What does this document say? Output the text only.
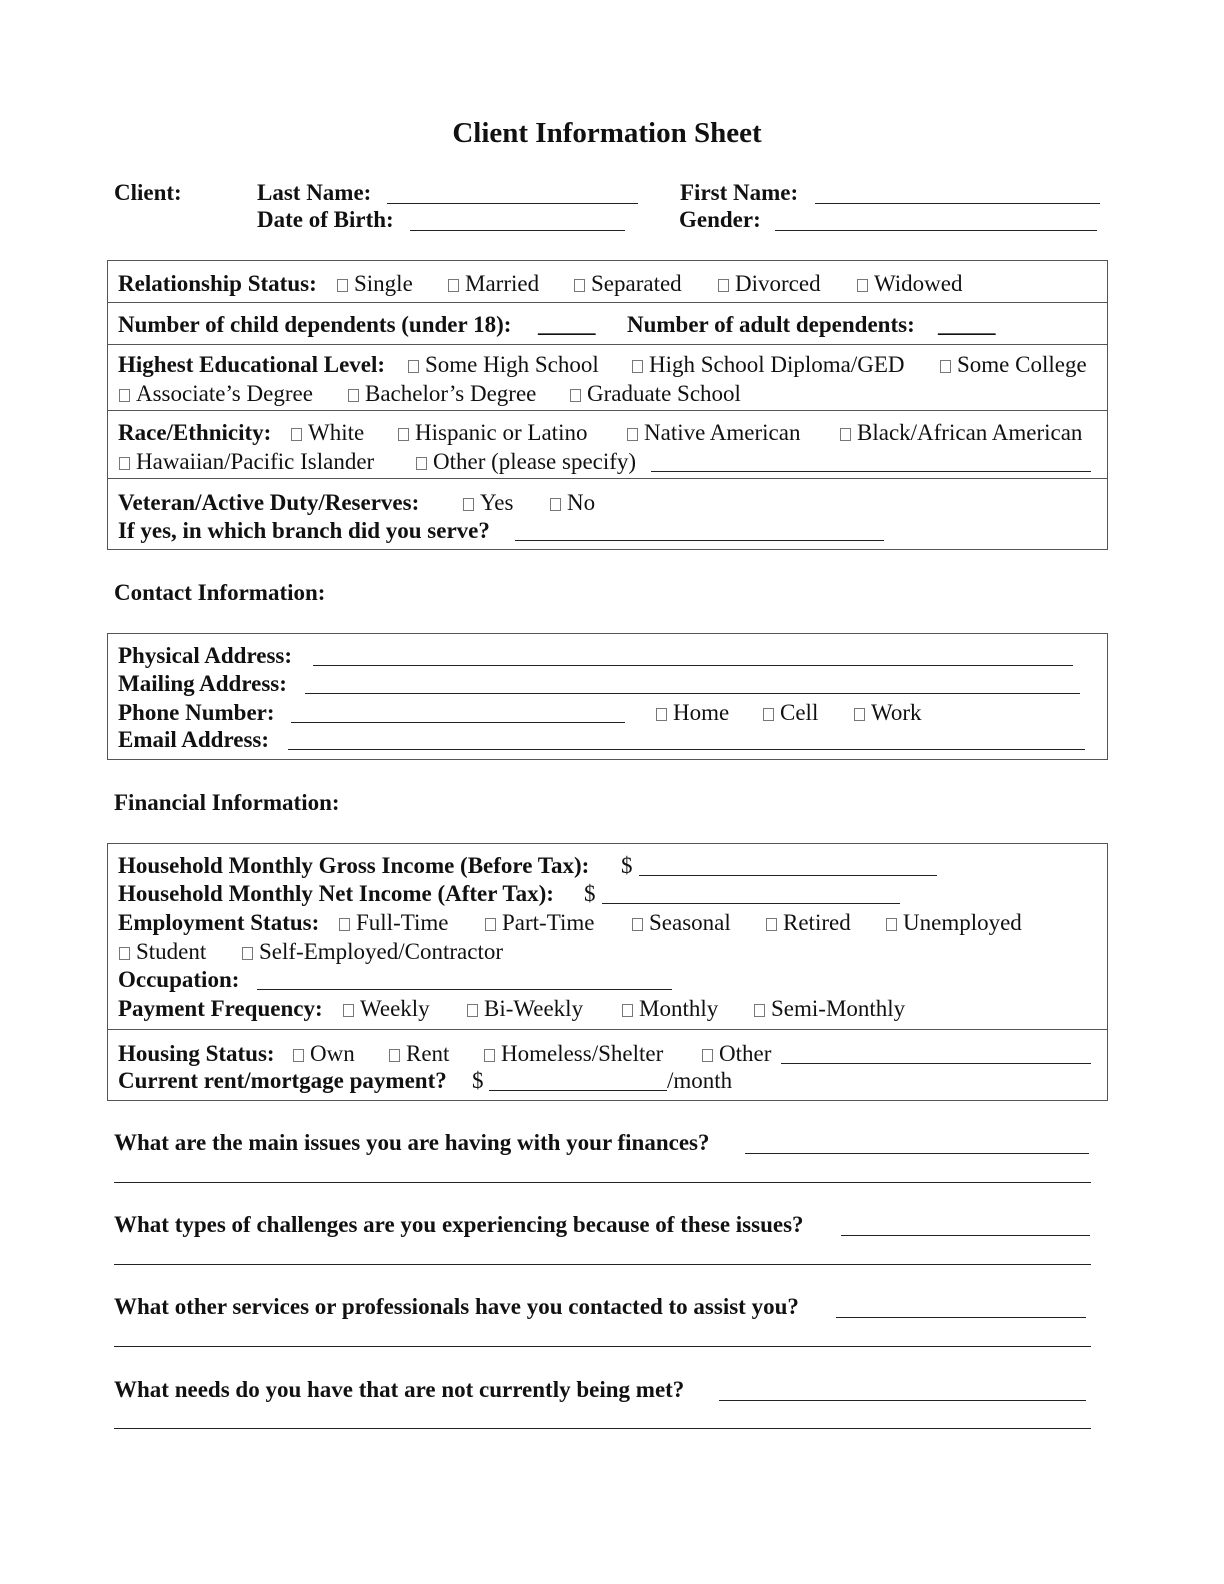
Client Information Sheet
Client:	Last Name:	First Name:
Date of Birth:	Gender:
Relationship Status:	Single	Married	Separated	Divorced	Widowed
Number of child dependents (under 18): _____ Number of adult dependents: _____
Highest Educational Level:	Some High School	High School Diploma/GED	Some College
Associate’s Degree	Bachelor’s Degree	Graduate School
Race/Ethnicity:	White	Hispanic or Latino	Native American	Black/African American
Hawaiian/Pacific Islander	Other (please specify)
Veteran/Active Duty/Reserves:	Yes	No
If yes, in which branch did you serve?
Contact Information:
Physical Address:
Mailing Address:
Phone Number:	Home	Cell	Work
Email Address:
Financial Information:
Household Monthly Gross Income (Before Tax): $
Household Monthly Net Income (After Tax): $
Employment Status:	Full-Time	Part-Time	Seasonal	Retired	Unemployed
Student	Self-Employed/Contractor
Occupation:
Payment Frequency:	Weekly	Bi-Weekly	Monthly	Semi-Monthly
Housing Status:	Own	Rent	Homeless/Shelter	Other
Current rent/mortgage payment? $	/month
What are the main issues you are having with your finances?
What types of challenges are you experiencing because of these issues?
What other services or professionals have you contacted to assist you?
What needs do you have that are not currently being met?
